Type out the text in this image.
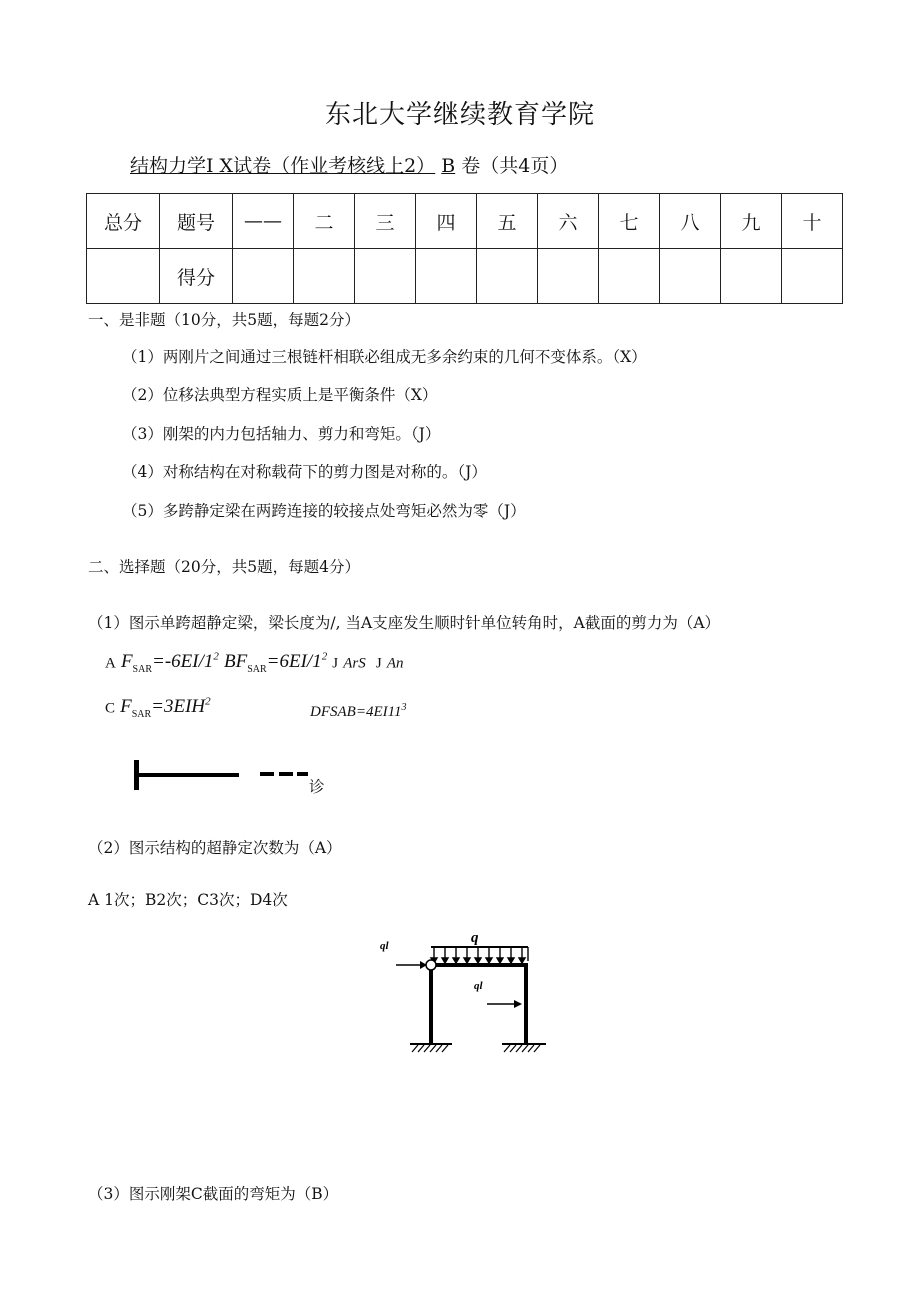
东北大学继续教育学院
结构力学I X试卷（作业考核线上2） B 卷（共4页）
总分	题号	——	二	三	四	五	六	七	八	九	十
	得分										
一、是非题（10分，共5题，每题2分）
（1）两刚片之间通过三根链杆相联必组成无多余约束的几何不变体系。（X）
（2）位移法典型方程实质上是平衡条件（X）
（3）刚架的内力包括轴力、剪力和弯矩。（J）
（4）对称结构在对称载荷下的剪力图是对称的。（J）
（5）多跨静定梁在两跨连接的较接点处弯矩必然为零（J）
二、选择题（20分，共5题，每题4分）
（1）图示单跨超静定梁，梁长度为/, 当A支座发生顺时针单位转角时，A截面的剪力为（A）
A $F_{SAR}=-6EI/1^2$ $BF_{SAR}=6EI/1^2$ J ArS J An
C $F_{SAR}=3EIH^2$
$DFSAB=4EI11^3$
诊
（2）图示结构的超静定次数为（A）
A 1次；B2次；C3次；D4次
q
ql
ql
（3）图示刚架C截面的弯矩为（B）
